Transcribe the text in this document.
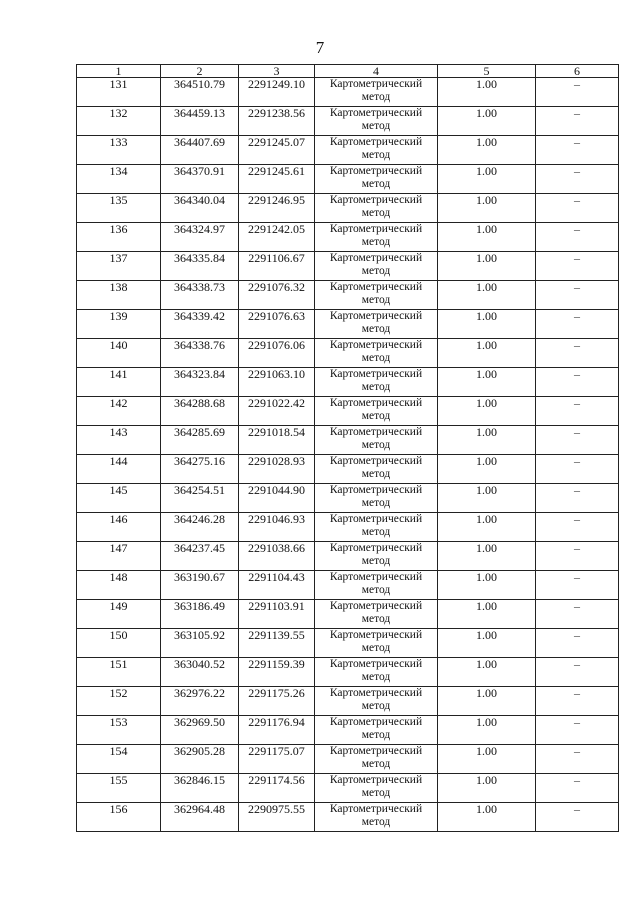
7
1	2	3	4	5	6
131	364510.79	2291249.10	Картометрический метод	1.00	–
132	364459.13	2291238.56	Картометрический метод	1.00	–
133	364407.69	2291245.07	Картометрический метод	1.00	–
134	364370.91	2291245.61	Картометрический метод	1.00	–
135	364340.04	2291246.95	Картометрический метод	1.00	–
136	364324.97	2291242.05	Картометрический метод	1.00	–
137	364335.84	2291106.67	Картометрический метод	1.00	–
138	364338.73	2291076.32	Картометрический метод	1.00	–
139	364339.42	2291076.63	Картометрический метод	1.00	–
140	364338.76	2291076.06	Картометрический метод	1.00	–
141	364323.84	2291063.10	Картометрический метод	1.00	–
142	364288.68	2291022.42	Картометрический метод	1.00	–
143	364285.69	2291018.54	Картометрический метод	1.00	–
144	364275.16	2291028.93	Картометрический метод	1.00	–
145	364254.51	2291044.90	Картометрический метод	1.00	–
146	364246.28	2291046.93	Картометрический метод	1.00	–
147	364237.45	2291038.66	Картометрический метод	1.00	–
148	363190.67	2291104.43	Картометрический метод	1.00	–
149	363186.49	2291103.91	Картометрический метод	1.00	–
150	363105.92	2291139.55	Картометрический метод	1.00	–
151	363040.52	2291159.39	Картометрический метод	1.00	–
152	362976.22	2291175.26	Картометрический метод	1.00	–
153	362969.50	2291176.94	Картометрический метод	1.00	–
154	362905.28	2291175.07	Картометрический метод	1.00	–
155	362846.15	2291174.56	Картометрический метод	1.00	–
156	362964.48	2290975.55	Картометрический метод	1.00	–
